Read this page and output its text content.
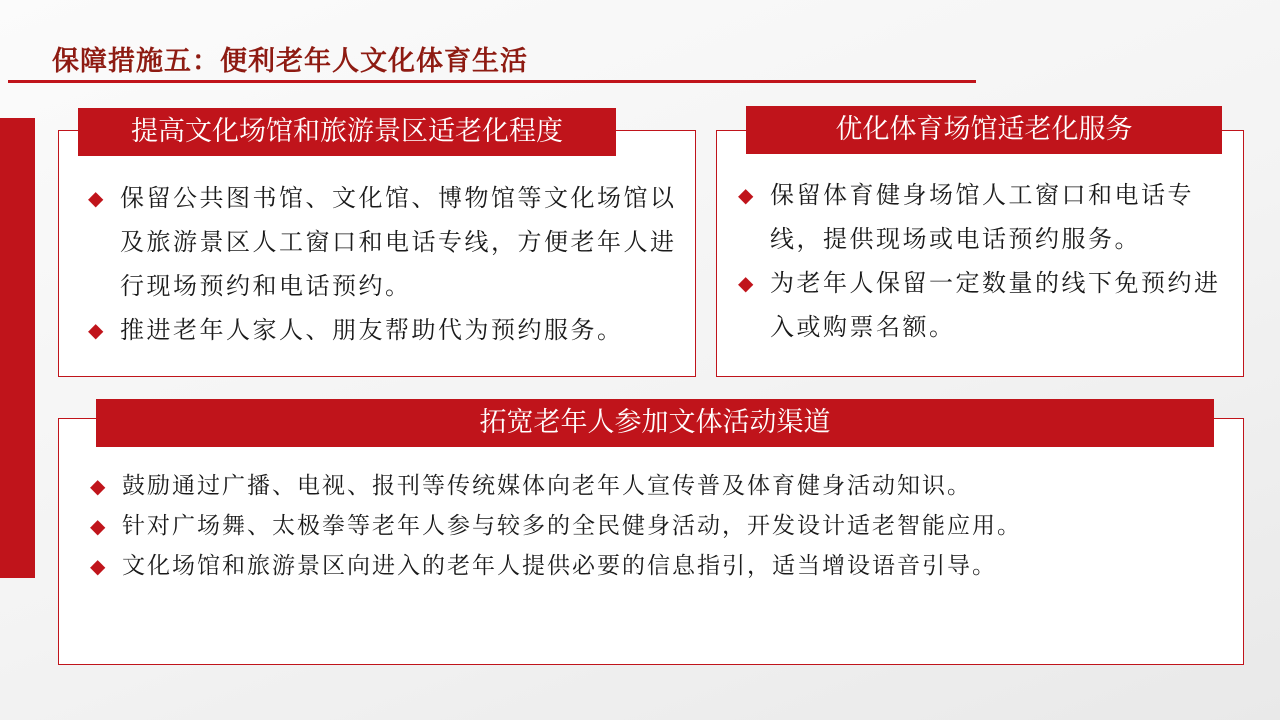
保障措施五：便利老年人文化体育生活
提高文化场馆和旅游景区适老化程度
◆ 保留公共图书馆、文化馆、博物馆等文化场馆以及旅游景区人工窗口和电话专线，方便老年人进行现场预约和电话预约。
◆ 推进老年人家人、朋友帮助代为预约服务。
优化体育场馆适老化服务
◆ 保留体育健身场馆人工窗口和电话专线，提供现场或电话预约服务。
◆ 为老年人保留一定数量的线下免预约进入或购票名额。
拓宽老年人参加文体活动渠道
◆ 鼓励通过广播、电视、报刊等传统媒体向老年人宣传普及体育健身活动知识。
◆ 针对广场舞、太极拳等老年人参与较多的全民健身活动，开发设计适老智能应用。
◆ 文化场馆和旅游景区向进入的老年人提供必要的信息指引，适当增设语音引导。
